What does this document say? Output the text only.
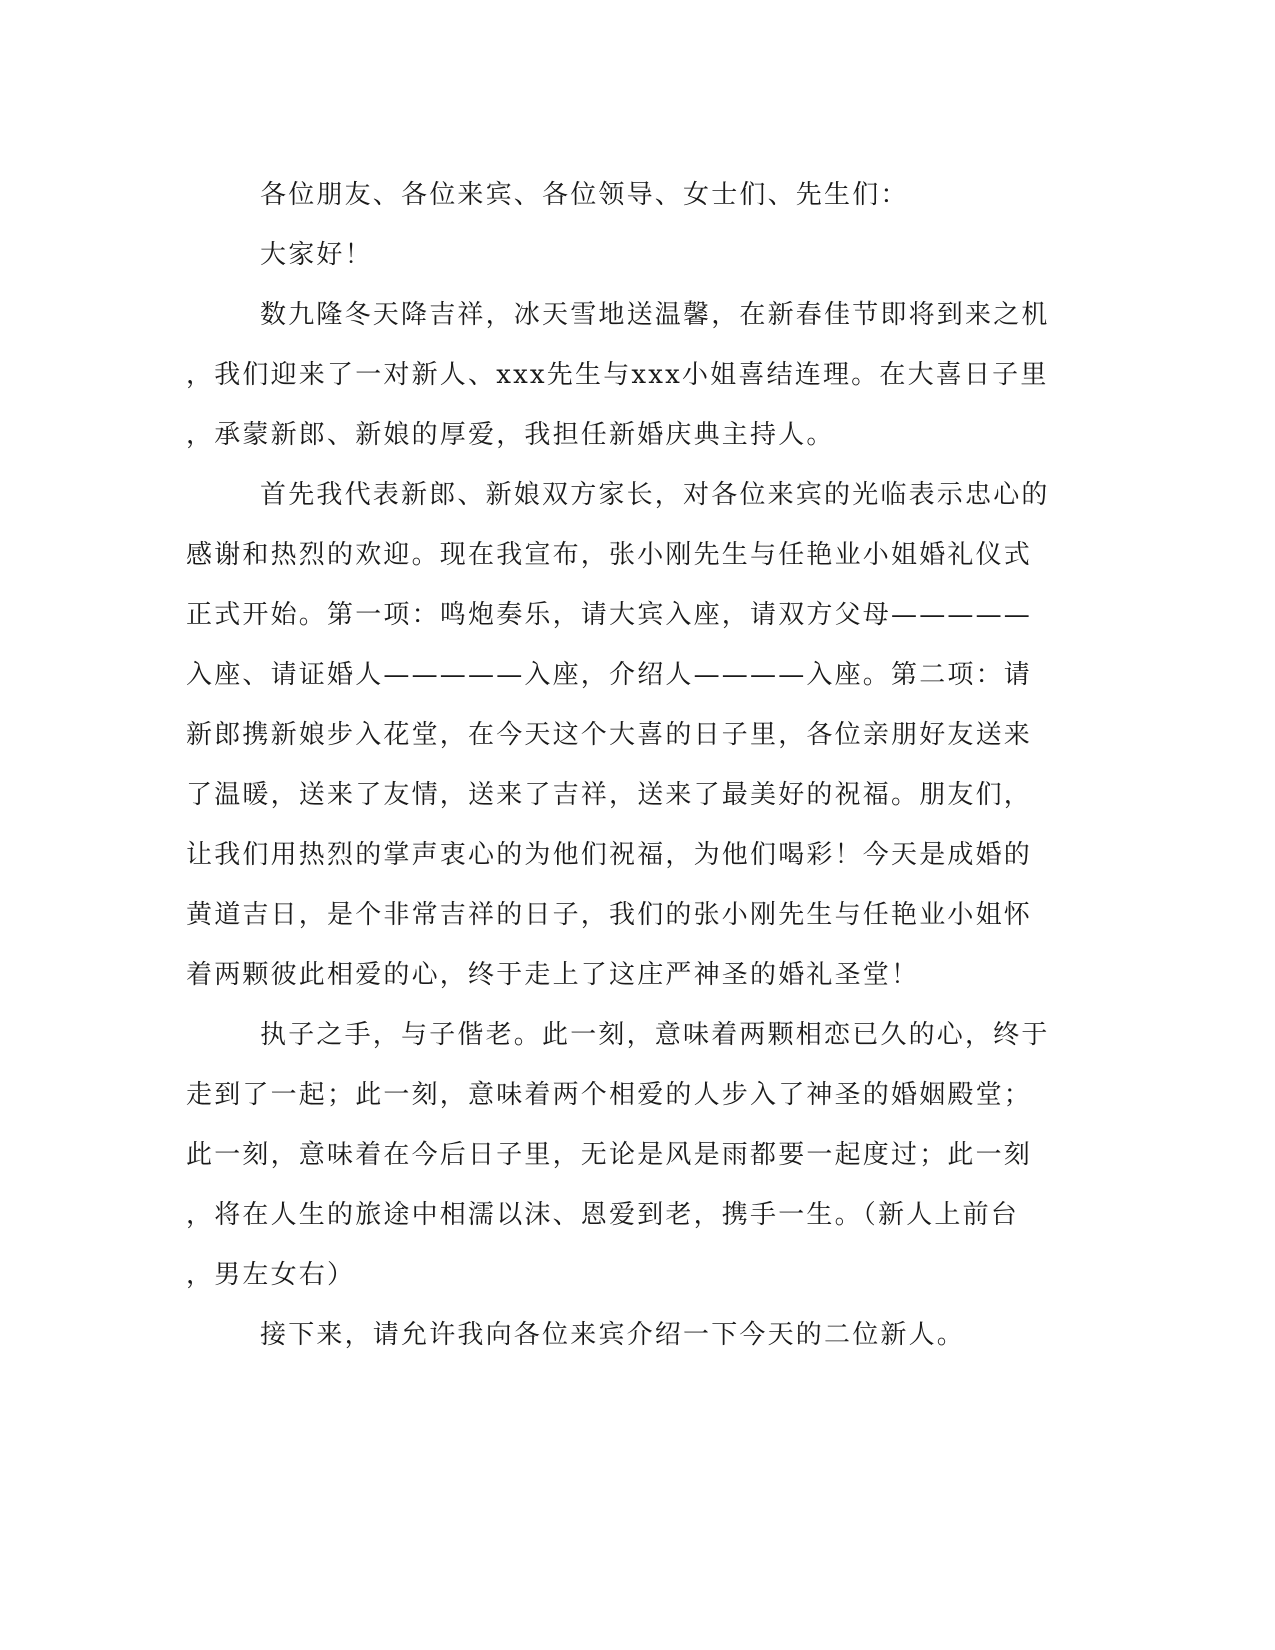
各位朋友、各位来宾、各位领导、女士们、先生们：
大家好！
数九隆冬天降吉祥，冰天雪地送温馨，在新春佳节即将到来之机
，我们迎来了一对新人、xxx先生与xxx小姐喜结连理。在大喜日子里
，承蒙新郎、新娘的厚爱，我担任新婚庆典主持人。
首先我代表新郎、新娘双方家长，对各位来宾的光临表示忠心的
感谢和热烈的欢迎。现在我宣布，张小刚先生与任艳业小姐婚礼仪式
正式开始。第一项：鸣炮奏乐，请大宾入座，请双方父母—————
入座、请证婚人—————入座，介绍人————入座。第二项：请
新郎携新娘步入花堂，在今天这个大喜的日子里，各位亲朋好友送来
了温暖，送来了友情，送来了吉祥，送来了最美好的祝福。朋友们，
让我们用热烈的掌声衷心的为他们祝福，为他们喝彩！今天是成婚的
黄道吉日，是个非常吉祥的日子，我们的张小刚先生与任艳业小姐怀
着两颗彼此相爱的心，终于走上了这庄严神圣的婚礼圣堂！
执子之手，与子偕老。此一刻，意味着两颗相恋已久的心，终于
走到了一起；此一刻，意味着两个相爱的人步入了神圣的婚姻殿堂；
此一刻，意味着在今后日子里，无论是风是雨都要一起度过；此一刻
，将在人生的旅途中相濡以沫、恩爱到老，携手一生。（新人上前台
，男左女右）
接下来，请允许我向各位来宾介绍一下今天的二位新人。
